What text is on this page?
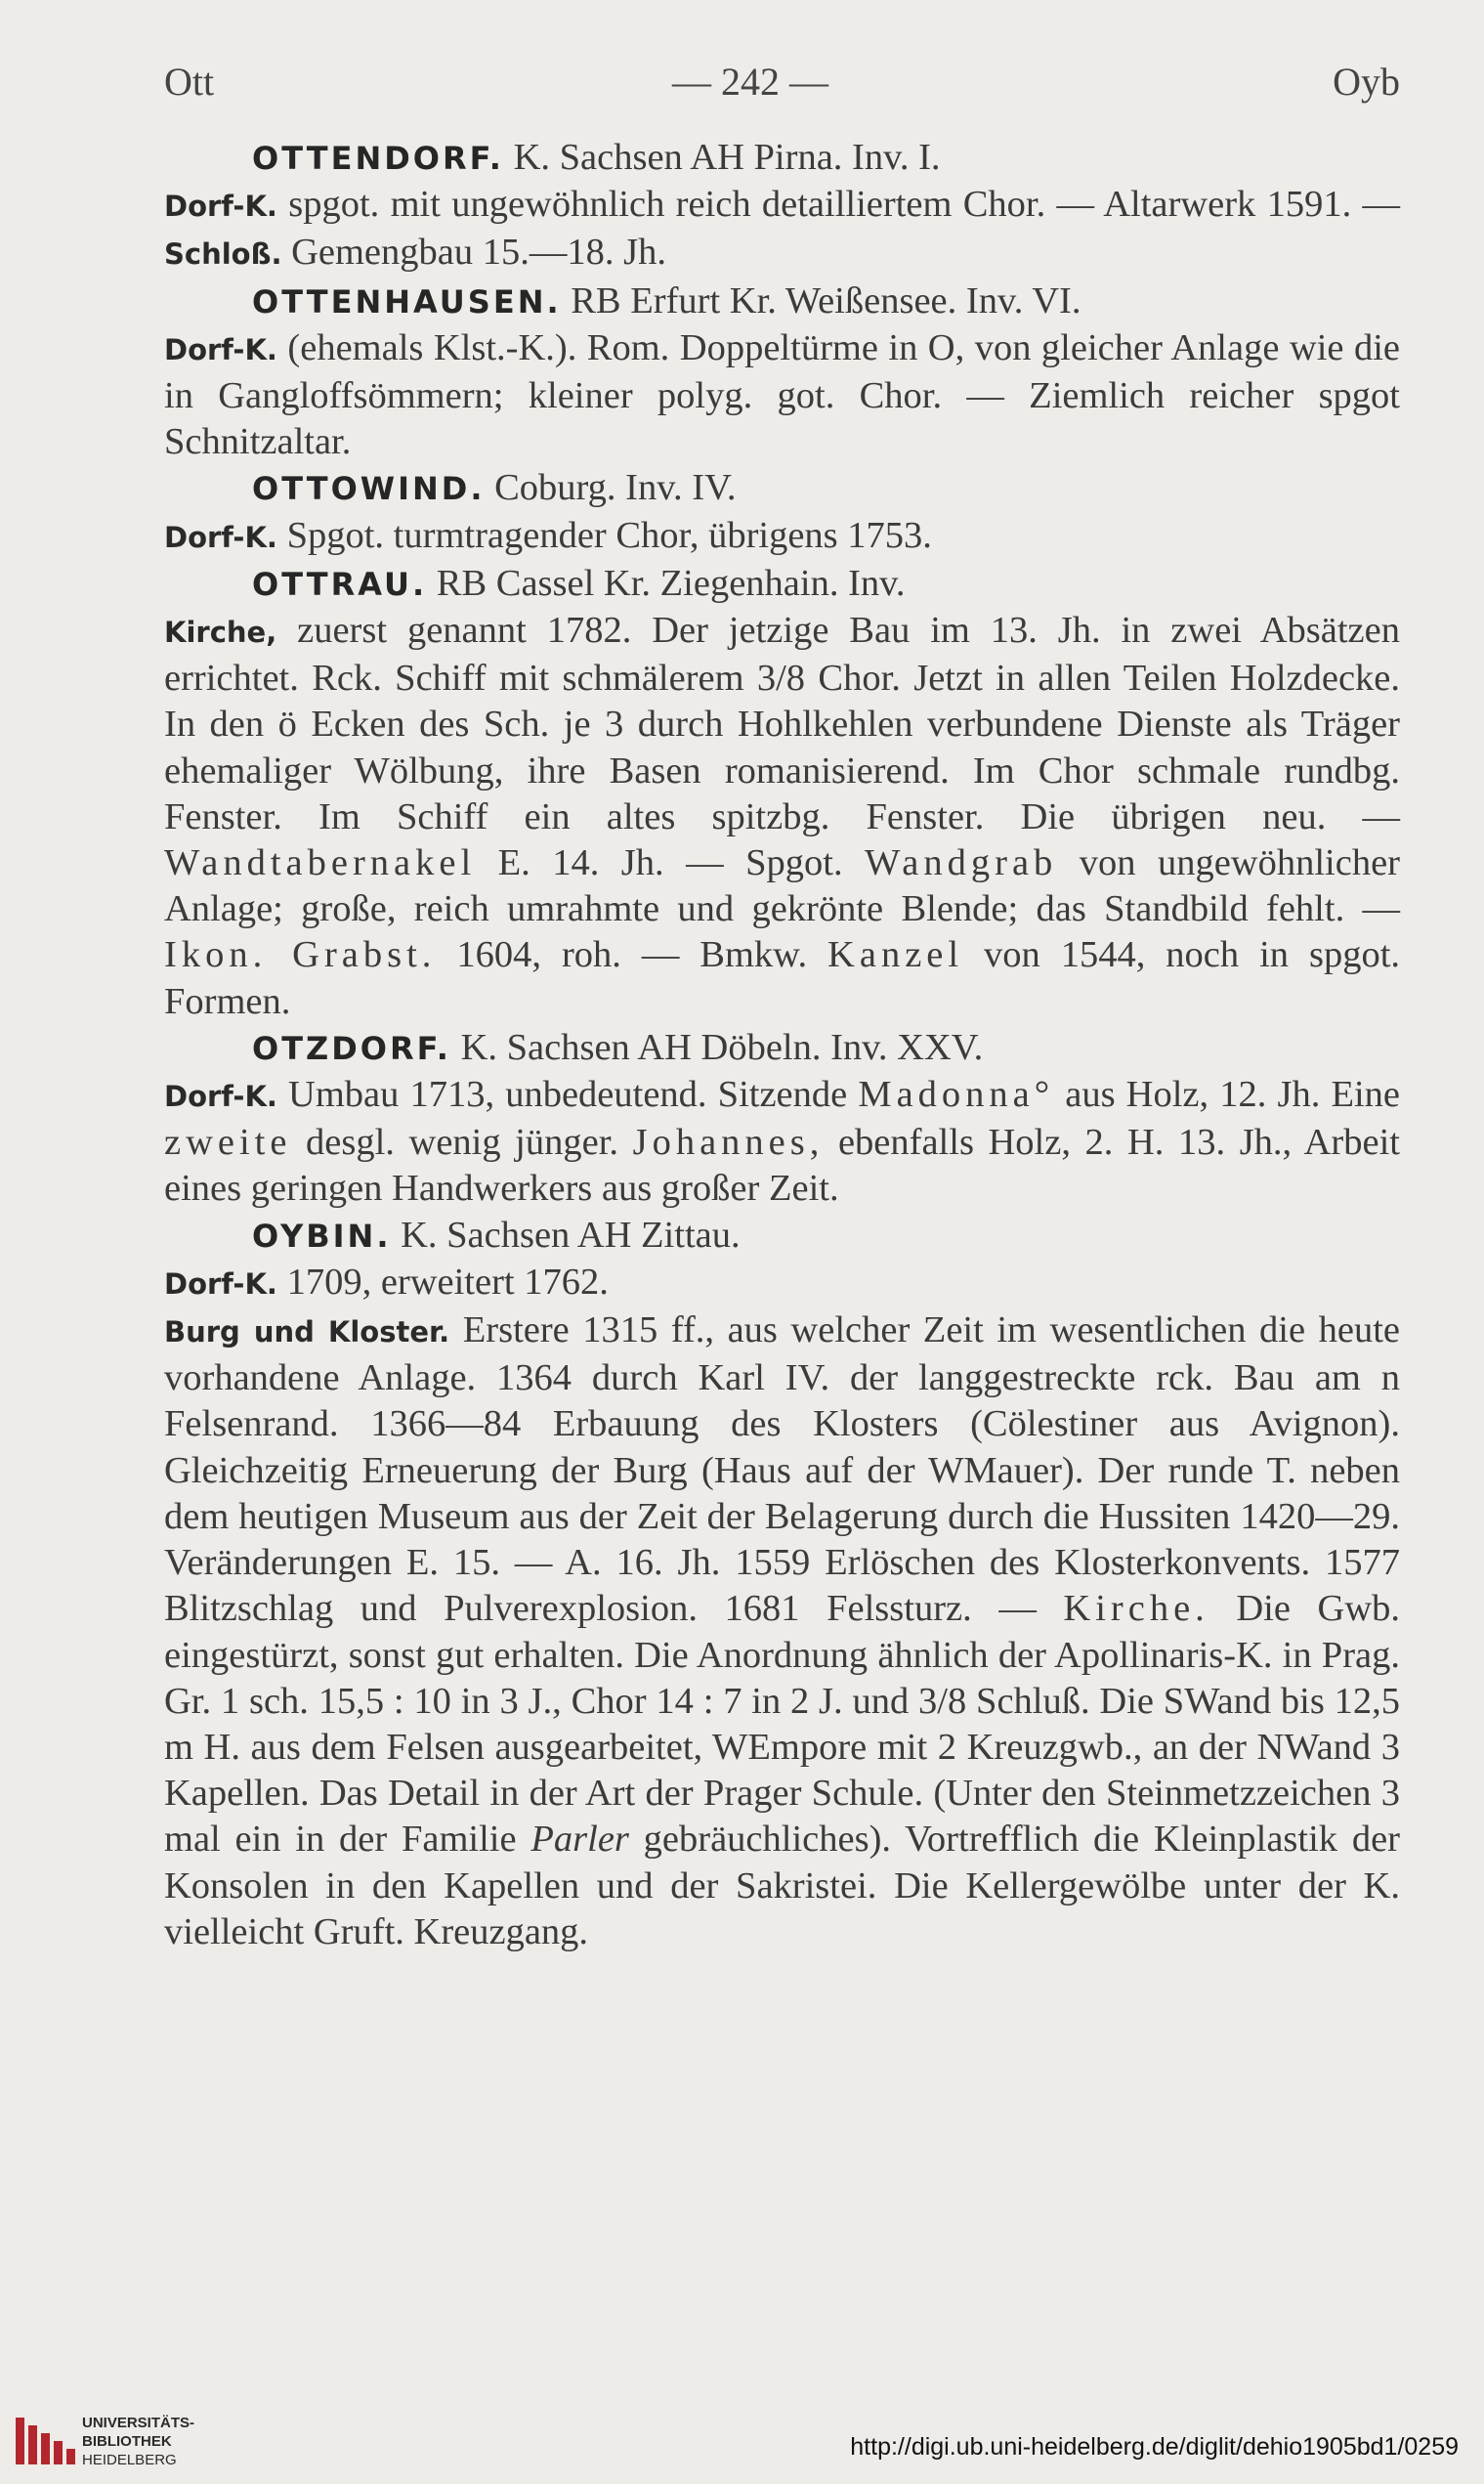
Ott	— 242 —	Oyb

OTTENDORF. K. Sachsen AH Pirna. Inv. I.

Dorf-K. spgot. mit ungewöhnlich reich detailliertem Chor. — Altarwerk 1591. — Schloß. Gemengbau 15.—18. Jh.

OTTENHAUSEN. RB Erfurt Kr. Weißensee. Inv. VI.

Dorf-K. (ehemals Klst.-K.). Rom. Doppeltürme in O, von gleicher Anlage wie die in Gangloffsömmern; kleiner polyg. got. Chor. — Ziemlich reicher spgot Schnitzaltar.

OTTOWIND. Coburg. Inv. IV.

Dorf-K. Spgot. turmtragender Chor, übrigens 1753.

OTTRAU. RB Cassel Kr. Ziegenhain. Inv.

Kirche, zuerst genannt 1782. Der jetzige Bau im 13. Jh. in zwei Absätzen errichtet. Rck. Schiff mit schmälerem 3/8 Chor. Jetzt in allen Teilen Holzdecke. In den ö Ecken des Sch. je 3 durch Hohlkehlen verbundene Dienste als Träger ehemaliger Wölbung, ihre Basen romanisierend. Im Chor schmale rundbg. Fenster. Im Schiff ein altes spitzbg. Fenster. Die übrigen neu. — Wandtabernakel E. 14. Jh. — Spgot. Wandgrab von ungewöhnlicher Anlage; große, reich umrahmte und gekrönte Blende; das Standbild fehlt. — Ikon. Grabst. 1604, roh. — Bmkw. Kanzel von 1544, noch in spgot. Formen.

OTZDORF. K. Sachsen AH Döbeln. Inv. XXV.

Dorf-K. Umbau 1713, unbedeutend. Sitzende Madonna° aus Holz, 12. Jh. Eine zweite desgl. wenig jünger. Johannes, ebenfalls Holz, 2. H. 13. Jh., Arbeit eines geringen Handwerkers aus großer Zeit.

OYBIN. K. Sachsen AH Zittau.

Dorf-K. 1709, erweitert 1762.

Burg und Kloster. Erstere 1315 ff., aus welcher Zeit im wesentlichen die heute vorhandene Anlage. 1364 durch Karl IV. der langgestreckte rck. Bau am n Felsenrand. 1366—84 Erbauung des Klosters (Cölestiner aus Avignon). Gleichzeitig Erneuerung der Burg (Haus auf der WMauer). Der runde T. neben dem heutigen Museum aus der Zeit der Belagerung durch die Hussiten 1420—29. Veränderungen E. 15. — A. 16. Jh. 1559 Erlöschen des Klosterkonvents. 1577 Blitzschlag und Pulverexplosion. 1681 Felssturz. — Kirche. Die Gwb. eingestürzt, sonst gut erhalten. Die Anordnung ähnlich der Apollinaris-K. in Prag. Gr. 1 sch. 15,5 : 10 in 3 J., Chor 14 : 7 in 2 J. und 3/8 Schluß. Die SWand bis 12,5 m H. aus dem Felsen ausgearbeitet, WEmpore mit 2 Kreuzgwb., an der NWand 3 Kapellen. Das Detail in der Art der Prager Schule. (Unter den Steinmetzzeichen 3 mal ein in der Familie Parler gebräuchliches). Vortrefflich die Kleinplastik der Konsolen in den Kapellen und der Sakristei. Die Kellergewölbe unter der K. vielleicht Gruft. Kreuzgang.

UNIVERSITÄTS-
BIBLIOTHEK
HEIDELBERG	http://digi.ub.uni-heidelberg.de/diglit/dehio1905bd1/0259
